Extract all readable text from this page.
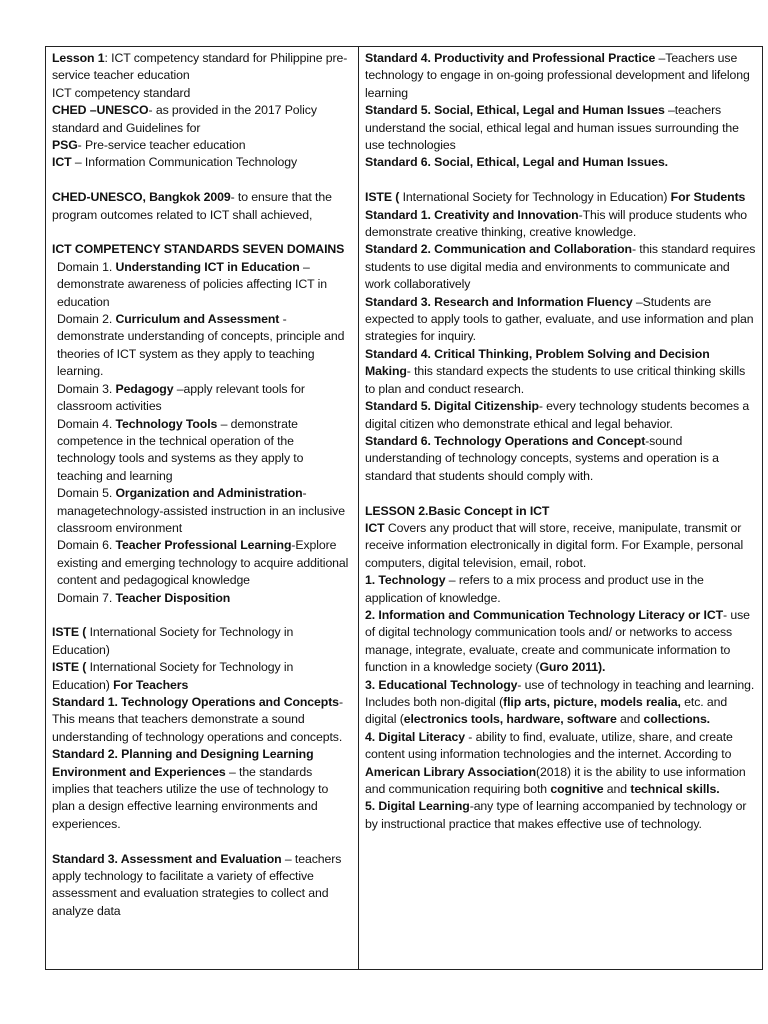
Lesson 1: ICT competency standard for Philippine pre-service teacher education

ICT competency standard

CHED –UNESCO- as provided in the 2017 Policy standard and Guidelines for

PSG- Pre-service teacher education

ICT – Information Communication Technology

CHED-UNESCO, Bangkok 2009- to ensure that the program outcomes related to ICT shall achieved,

ICT COMPETENCY STANDARDS SEVEN DOMAINS

Domain 1. Understanding ICT in Education – demonstrate awareness of policies affecting ICT in education

Domain 2. Curriculum and Assessment - demonstrate understanding of concepts, principle and theories of ICT system as they apply to teaching learning.

Domain 3. Pedagogy –apply relevant tools for classroom activities

Domain 4. Technology Tools – demonstrate competence in the technical operation of the technology tools and systems as they apply to teaching and learning

Domain 5. Organization and Administration-managetechnology-assisted instruction in an inclusive classroom environment

Domain 6. Teacher Professional Learning-Explore existing and emerging technology to acquire additional content and pedagogical knowledge

Domain 7. Teacher Disposition

ISTE ( International Society for Technology in Education)

ISTE ( International Society for Technology in Education) For Teachers

Standard 1. Technology Operations and Concepts- This means that teachers demonstrate a sound understanding of technology operations and concepts.

Standard 2. Planning and Designing Learning Environment and Experiences – the standards implies that teachers utilize the use of technology to plan a design effective learning environments and experiences.

Standard 3. Assessment and Evaluation – teachers apply technology to facilitate a variety of effective assessment and evaluation strategies to collect and analyze data

Standard 4. Productivity and Professional Practice –Teachers use technology to engage in on-going professional development and lifelong learning

Standard 5. Social, Ethical, Legal and Human Issues –teachers understand the social, ethical legal and human issues surrounding the use technologies

Standard 6. Social, Ethical, Legal and Human Issues.

ISTE ( International Society for Technology in Education) For Students

Standard 1. Creativity and Innovation-This will produce students who demonstrate creative thinking, creative knowledge.

Standard 2. Communication and Collaboration- this standard requires students to use digital media and environments to communicate and work collaboratively

Standard 3. Research and Information Fluency –Students are expected to apply tools to gather, evaluate, and use information and plan strategies for inquiry.

Standard 4. Critical Thinking, Problem Solving and Decision Making- this standard expects the students to use critical thinking skills to plan and conduct research.

Standard 5. Digital Citizenship- every technology students becomes a digital citizen who demonstrate ethical and legal behavior.

Standard 6. Technology Operations and Concept-sound understanding of technology concepts, systems and operation is a standard that students should comply with.

LESSON 2.Basic Concept in ICT

ICT Covers any product that will store, receive, manipulate, transmit or receive information electronically in digital form. For Example, personal computers, digital television, email, robot.

1. Technology – refers to a mix process and product use in the application of knowledge.

2. Information and Communication Technology Literacy or ICT- use of digital technology communication tools and/ or networks to access manage, integrate, evaluate, create and communicate information to function in a knowledge society (Guro 2011).

3. Educational Technology- use of technology in teaching and learning. Includes both non-digital (flip arts, picture, models realia, etc. and digital (electronics tools, hardware, software and collections.

4. Digital Literacy - ability to find, evaluate, utilize, share, and create content using information technologies and the internet. According to American Library Association(2018) it is the ability to use information and communication requiring both cognitive and technical skills.

5. Digital Learning-any type of learning accompanied by technology or by instructional practice that makes effective use of technology.
